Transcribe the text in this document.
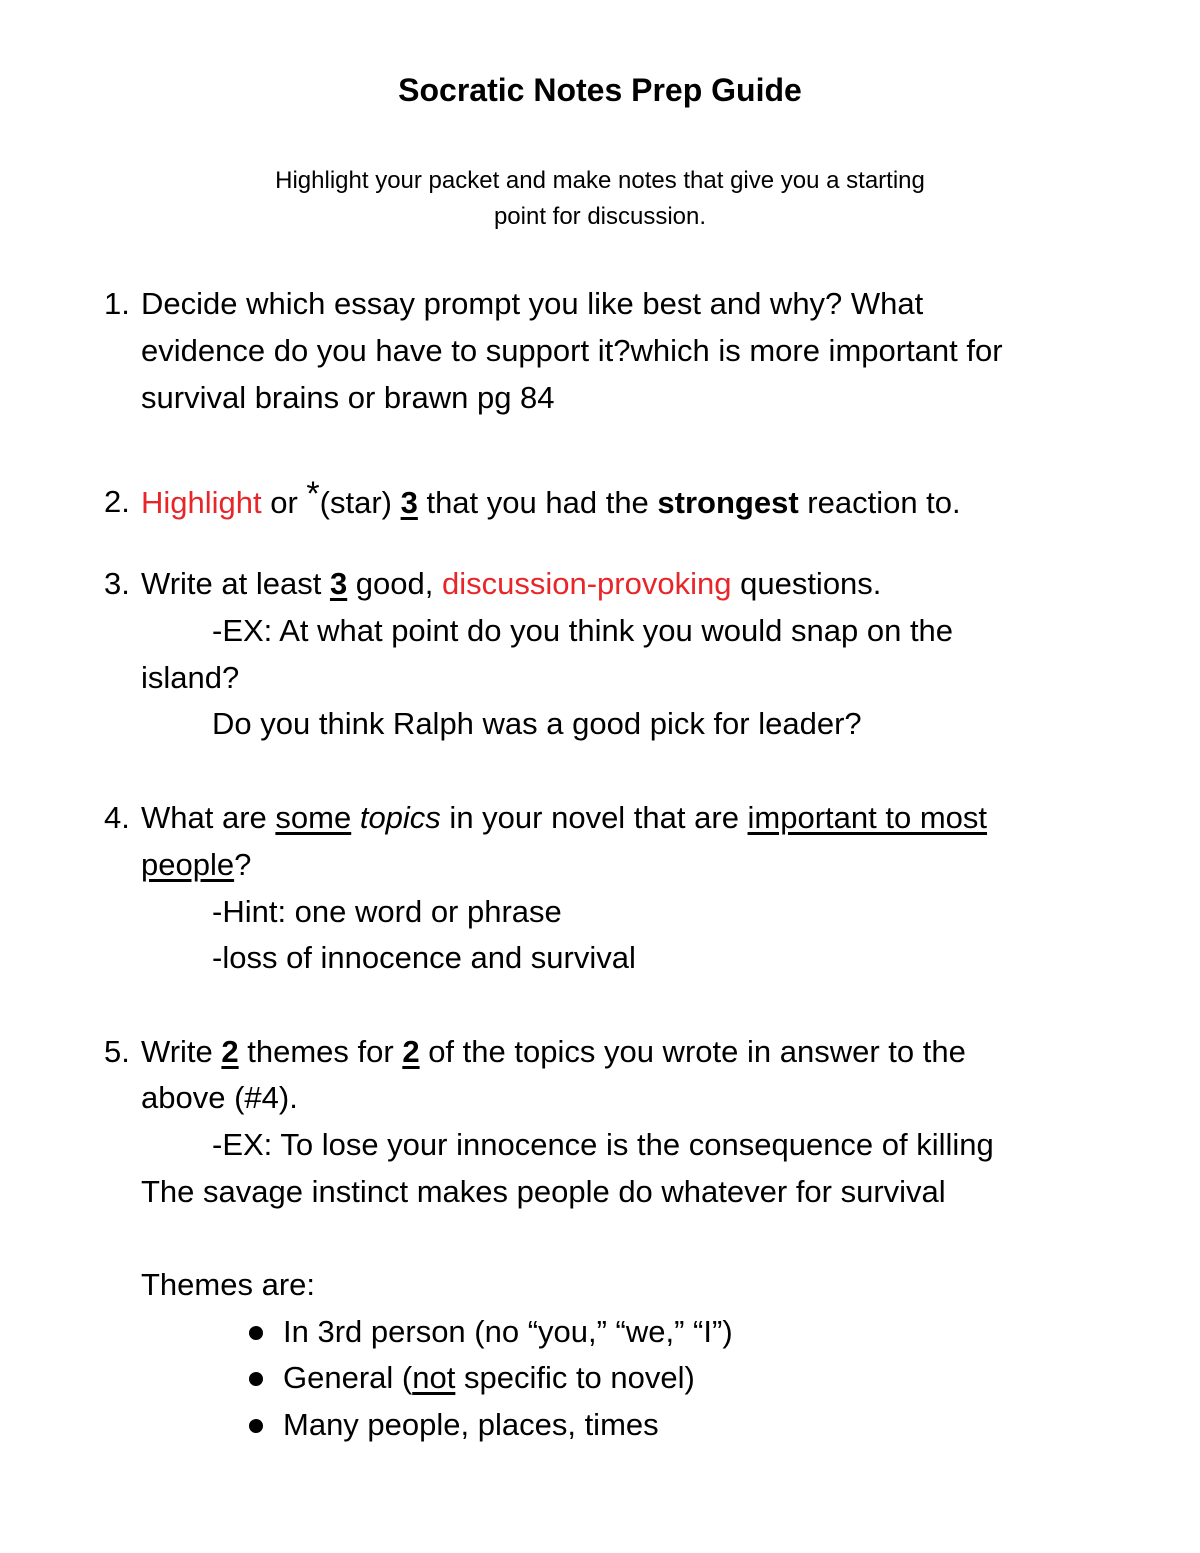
Socratic Notes Prep Guide
Highlight your packet and make notes that give you a starting
point for discussion.
1. Decide which essay prompt you like best and why? What
evidence do you have to support it?which is more important for
survival brains or brawn pg 84
2. Highlight or *(star) 3 that you had the strongest reaction to.
3. Write at least 3 good, discussion-provoking questions.
-EX: At what point do you think you would snap on the
island?
Do you think Ralph was a good pick for leader?
4. What are some topics in your novel that are important to most
people?
-Hint: one word or phrase
-loss of innocence and survival
5. Write 2 themes for 2 of the topics you wrote in answer to the
above (#4).
-EX: To lose your innocence is the consequence of killing
The savage instinct makes people do whatever for survival
Themes are:
In 3rd person (no “you,” “we,” “I”)
General (not specific to novel)
Many people, places, times
